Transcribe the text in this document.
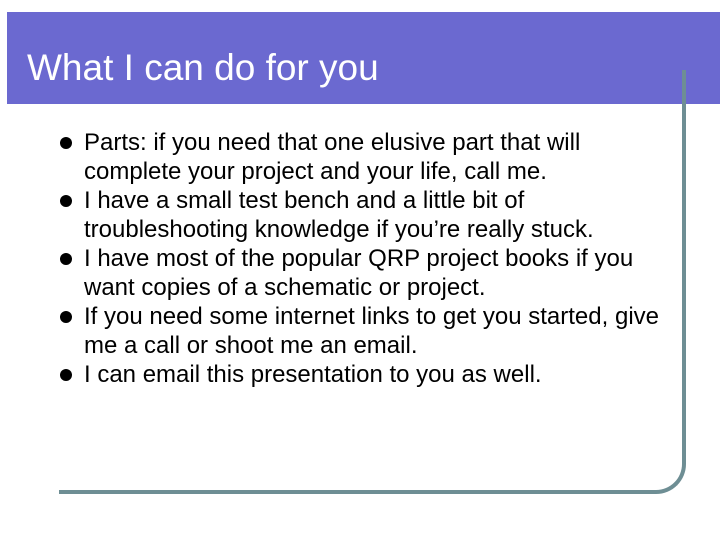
What I can do for you
Parts: if you need that one elusive part that will complete your project and your life, call me.
I have a small test bench and a little bit of troubleshooting knowledge if you’re really stuck.
I have most of the popular QRP project books if you want copies of a schematic or project.
If you need some internet links to get you started, give me a call or shoot me an email.
I can email this presentation to you as well.
